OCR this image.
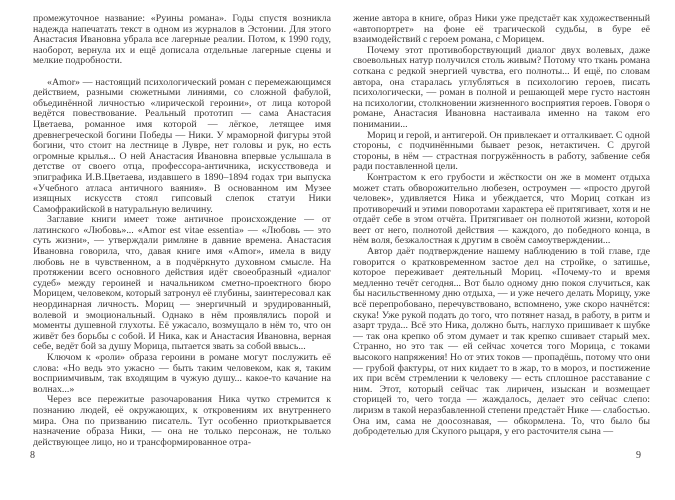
промежуточное название: «Руины романа». Годы спустя возникла надежда напечатать текст в одном из журналов в Эстонии. Для этого Анастасия Ивановна убрала все лагерные реалии. Потом, к 1990 году, наоборот, вернула их и ещё дописала отдельные лагерные сцены и мелкие подробности.

«Amor» — настоящий психологический роман с перемежающимся действием, разными сюжетными линиями, со сложной фабулой, объединённой личностью «лирической героини», от лица которой ведётся повествование. Реальный прототип — сама Анастасия Цветаева, романное имя которой — лёгкое, летящее имя древнегреческой богини Победы — Ники. У мраморной фигуры этой богини, что стоит на лестнице в Лувре, нет головы и рук, но есть огромные крылья... О ней Анастасия Ивановна впервые услышала в детстве от своего отца, профессора-античника, искусствоведа и эпиграфика И.В.Цветаева, издавшего в 1890–1894 годах три выпуска «Учебного атласа античного ваяния». В основанном им Музее изящных искусств стоял гипсовый слепок статуи Ники Самофракийской в натуральную величину.

Заглавие книги имеет тоже античное происхождение — от латинского «Любовь»... «Amor est vitae essentia» — «Любовь — это суть жизни», — утверждали римляне в давние времена. Анастасия Ивановна говорила, что, давая книге имя «Amor», имела в виду любовь не в чувственном, а в подчёркнуто духовном смысле. На протяжении всего основного действия идёт своеобразный «диалог судеб» между героиней и начальником сметно-проектного бюро Морицем, человеком, который затронул её глубины, заинтересовал как неординарная личность. Мориц — энергичный и эрудированный, волевой и эмоциональный. Однако в нём проявлялись порой и моменты душевной глухоты. Её ужасало, возмущало в нём то, что он живёт без борьбы с собой. И Ника, как и Анастасия Ивановна, верная себе, ведёт бой за душу Морица, пытается звать за собой ввысь...

Ключом к «роли» образа героини в романе могут послужить её слова: «Но ведь это ужасно — быть таким человеком, как я, таким восприимчивым, так входящим в чужую душу... какое-то качание на волнах...»

Через все пережитые разочарования Ника чутко стремится к познанию людей, её окружающих, к откровениям их внутреннего мира. Она по призванию писатель. Тут особенно приоткрывается назначение образа Ники, — она не только персонаж, не только действующее лицо, но и трансформированное отра-

жение автора в книге, образ Ники уже предстаёт как художественный «автопортрет» на фоне её трагической судьбы, в буре её взаимодействий с героем романа, с Морицем.

Почему этот противоборствующий диалог двух волевых, даже своевольных натур получился столь живым? Потому что ткань романа соткана с редкой энергией чувства, его полноты... И ещё, по словам автора, она старалась углубляться в психологию героев, писать психологически, — роман в полной и решающей мере густо настоян на психологии, столкновении жизненного восприятия героев. Говоря о романе, Анастасия Ивановна настаивала именно на таком его понимании...

Мориц и герой, и антигерой. Он привлекает и отталкивает. С одной стороны, с подчинёнными бывает резок, нетактичен. С другой стороны, в нём — страстная погружённость в работу, забвение себя ради поставленной цели.

Контрастом к его грубости и жёсткости он же в момент отдыха может стать обворожительно любезен, остроумен — «просто другой человек», удивляется Ника и убеждается, что Мориц соткан из противоречий и этими поворотами характера её притягивает, хотя и не отдаёт себе в этом отчёта. Притягивает он полнотой жизни, которой веет от него, полнотой действия — каждого, до победного конца, в нём воля, безжалостная к другим в своём самоутверждении...

Автор даёт подтверждение нашему наблюдению в той главе, где говорится о кратковременном застое дел на стройке, о затишье, которое переживает деятельный Мориц. «Почему-то и время медленно течёт сегодня... Вот было одному дню покоя случиться, как бы насильственному дню отдыха, — и уже нечего делать Морицу, уже всё перепробовано, перечувствовано, вспомнено, уже скоро начнётся: скука! Уже рукой подать до того, что потянет назад, в работу, в ритм и азарт труда... Всё это Ника, должно быть, наглухо пришивает к шубке — так она крепко об этом думает и так крепко сшивает старый мех. Странно, но это так — ей сейчас хочется того Морица, с токами высокого напряжения! Но от этих токов — пропадёшь, потому что они — грубой фактуры, от них кидает то в жар, то в мороз, и постижение их при всём стремлении к человеку — есть сплошное расставание с ним. Этот, который сейчас так лиричен, изыскан и возмещает сторицей то, чего тогда — жаждалось, делает это сейчас слепо: лиризм в такой неразбавленной степени предстаёт Нике — слабостью. Она им, сама не доосознавая, — обкормлена. То, что было бы добродетелью для Скупого рыцаря, у его расточителя сына —

8	9
